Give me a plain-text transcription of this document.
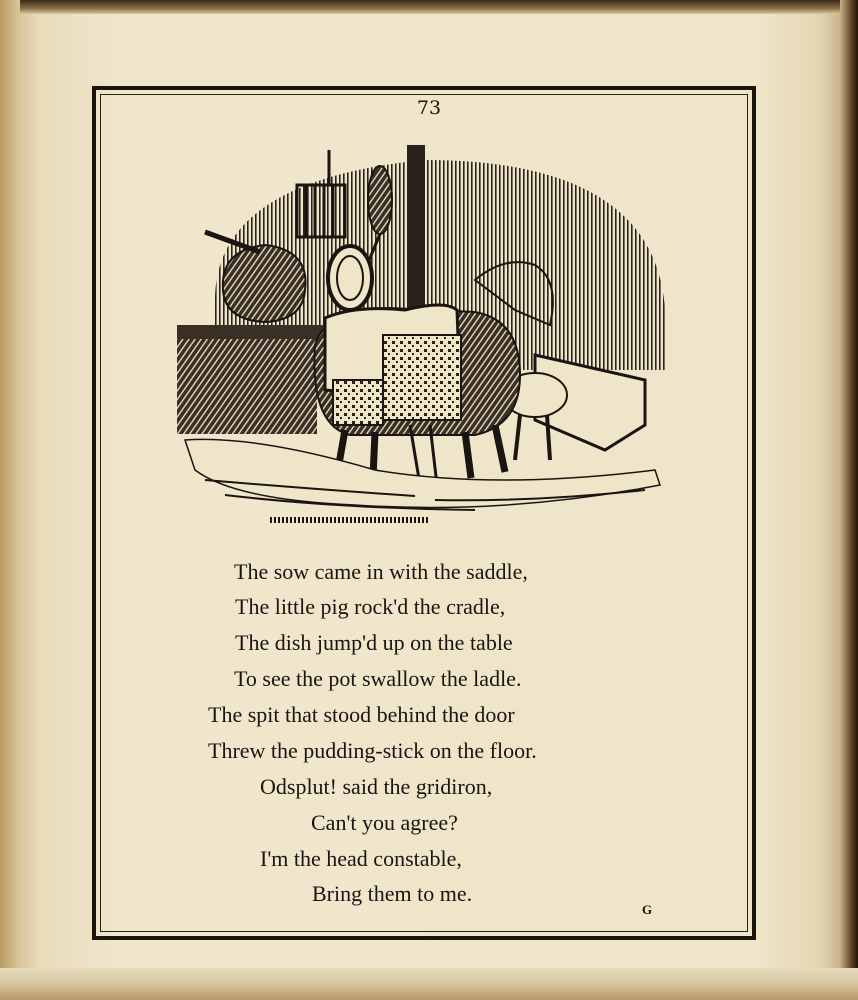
73
The sow came in with the saddle,
The little pig rock'd the cradle,
The dish jump'd up on the table
To see the pot swallow the ladle.
The spit that stood behind the door
Threw the pudding-stick on the floor.
Odsplut! said the gridiron,
Can't you agree?
I'm the head constable,
Bring them to me.
G
